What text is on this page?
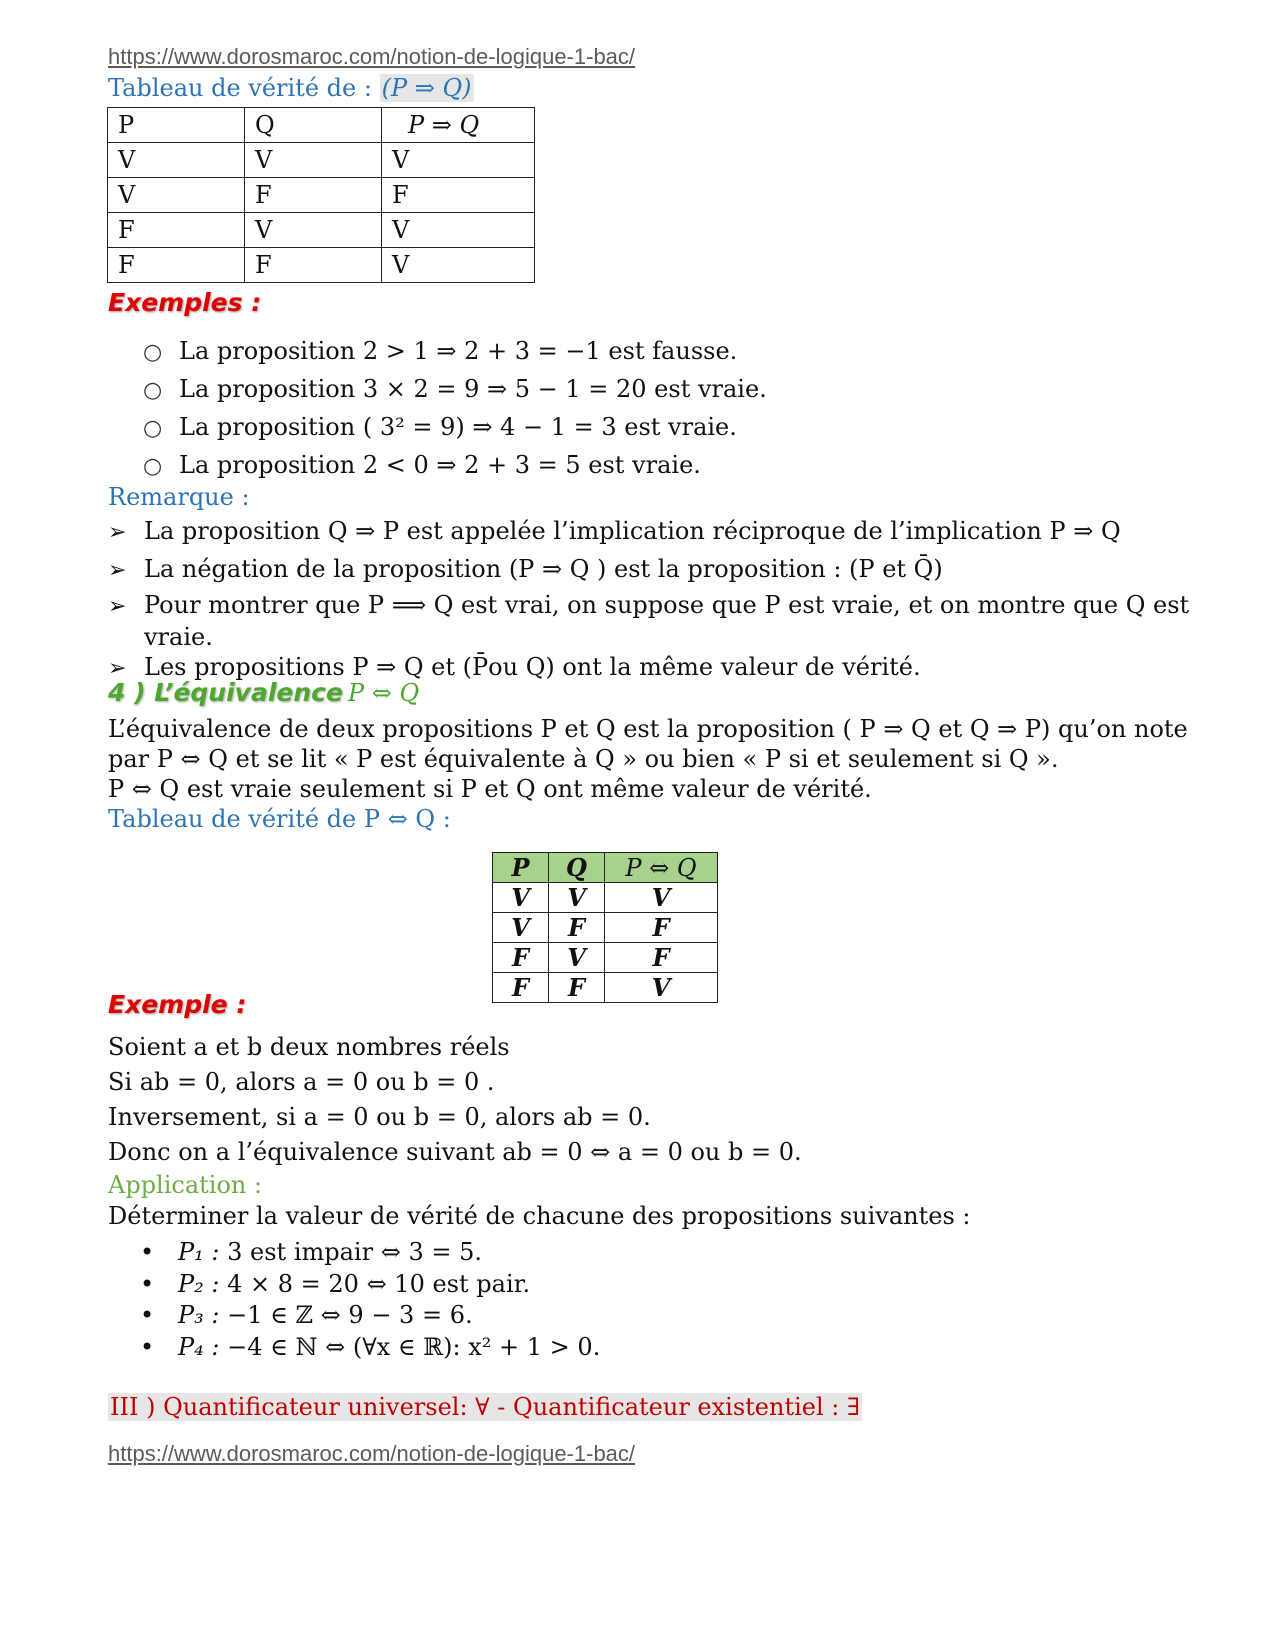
https://www.dorosmaroc.com/notion-de-logique-1-bac/
Tableau de vérité de : (P ⇒ Q)
P	Q	P ⇒ Q
V	V	V
V	F	F
F	V	V
F	F	V
Exemples :
○ La proposition 2 > 1 ⇒ 2 + 3 = −1 est fausse.
○ La proposition 3 × 2 = 9 ⇒ 5 − 1 = 20 est vraie.
○ La proposition ( 3² = 9) ⇒ 4 − 1 = 3 est vraie.
○ La proposition 2 < 0 ⇒ 2 + 3 = 5 est vraie.
Remarque :
➢ La proposition Q ⇒ P est appelée l’implication réciproque de l’implication P ⇒ Q
➢ La négation de la proposition (P ⇒ Q ) est la proposition : (P et Q̄)
➢ Pour montrer que P ⟹ Q est vrai, on suppose que P est vraie, et on montre que Q est
vraie.
➢ Les propositions P ⇒ Q et (P̄ou Q) ont la même valeur de vérité.
4 ) L’équivalence P ⇔ Q
L’équivalence de deux propositions P et Q est la proposition ( P ⇒ Q et Q ⇒ P) qu’on note
par P ⇔ Q et se lit « P est équivalente à Q » ou bien « P si et seulement si Q ».
P ⇔ Q est vraie seulement si P et Q ont même valeur de vérité.
Tableau de vérité de P ⇔ Q :
P	Q	P ⇔ Q
V	V	V
V	F	F
F	V	F
F	F	V
Exemple :
Soient a et b deux nombres réels
Si ab = 0, alors a = 0 ou b = 0 .
Inversement, si a = 0 ou b = 0, alors ab = 0.
Donc on a l’équivalence suivant ab = 0 ⇔ a = 0 ou b = 0.
Application :
Déterminer la valeur de vérité de chacune des propositions suivantes :
• P₁ : 3 est impair ⇔ 3 = 5.
• P₂ : 4 × 8 = 20 ⇔ 10 est pair.
• P₃ : −1 ∈ ℤ ⇔ 9 − 3 = 6.
• P₄ : −4 ∈ ℕ ⇔ (∀x ∈ ℝ): x² + 1 > 0.
III ) Quantificateur universel: ∀ - Quantificateur existentiel : ∃
https://www.dorosmaroc.com/notion-de-logique-1-bac/
